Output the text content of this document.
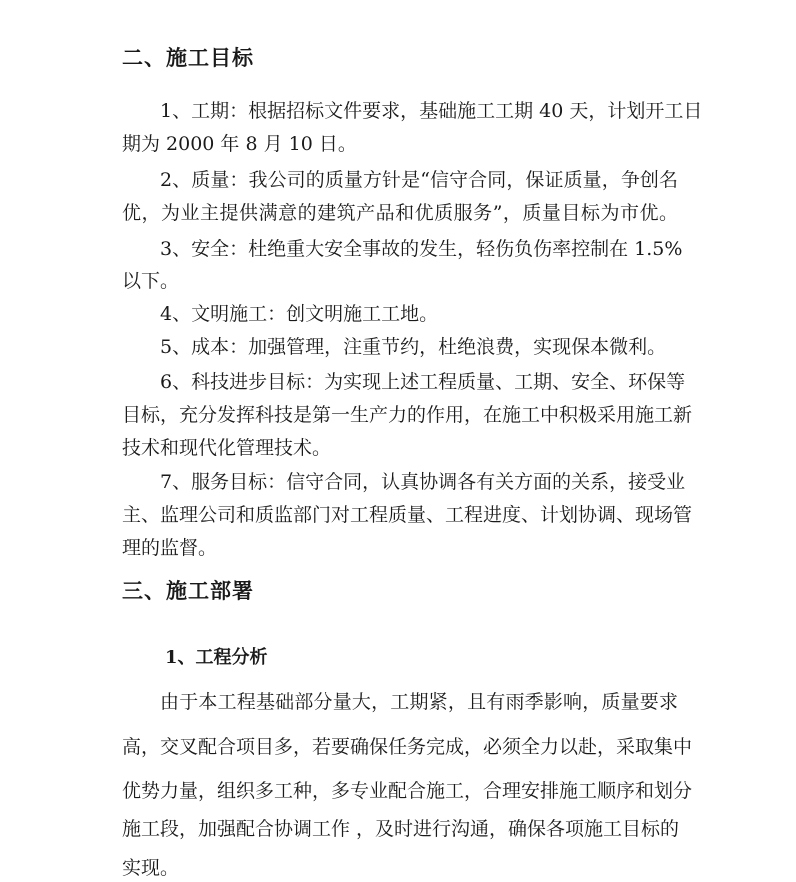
二、施工目标
1、工期：根据招标文件要求，基础施工工期 40 天，计划开工日
期为 2000 年 8 月 10 日。
2、质量：我公司的质量方针是“信守合同，保证质量，争创名
优，为业主提供满意的建筑产品和优质服务”，质量目标为市优。
3、安全：杜绝重大安全事故的发生，轻伤负伤率控制在 1.5%
以下。
4、文明施工：创文明施工工地。
5、成本：加强管理，注重节约，杜绝浪费，实现保本微利。
6、科技进步目标：为实现上述工程质量、工期、安全、环保等
目标，充分发挥科技是第一生产力的作用，在施工中积极采用施工新
技术和现代化管理技术。
7、服务目标：信守合同，认真协调各有关方面的关系，接受业
主、监理公司和质监部门对工程质量、工程进度、计划协调、现场管
理的监督。
三、施工部署
1、工程分析
由于本工程基础部分量大，工期紧，且有雨季影响，质量要求
高，交叉配合项目多，若要确保任务完成，必须全力以赴，采取集中
优势力量，组织多工种，多专业配合施工，合理安排施工顺序和划分
施工段，加强配合协调工作 ，及时进行沟通，确保各项施工目标的
实现。
